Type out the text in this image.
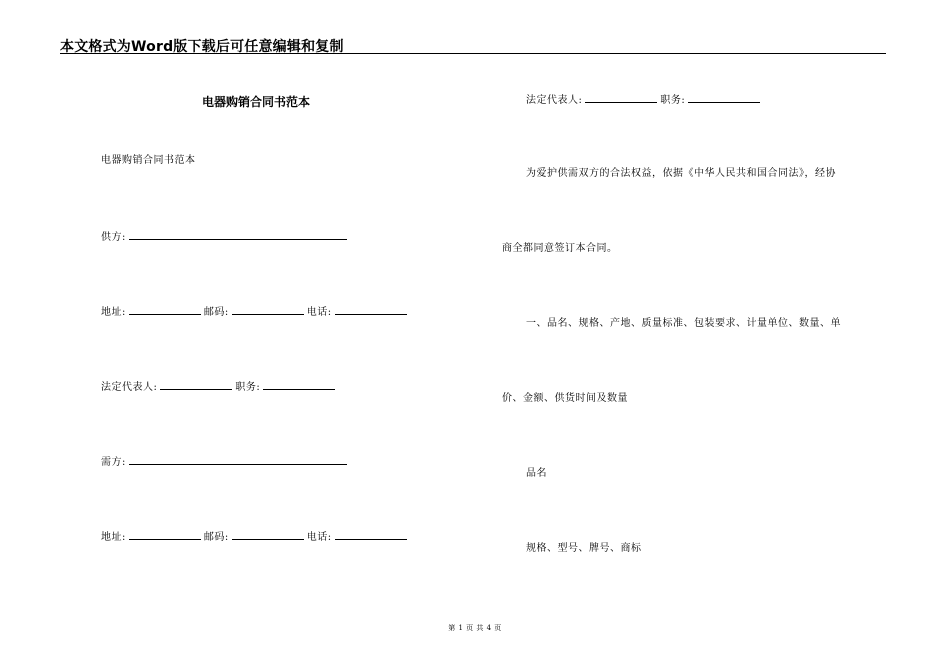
本文格式为Word版下载后可任意编辑和复制
电器购销合同书范本
电器购销合同书范本
供方:
地址:	邮码:	电话:
法定代表人:	职务:
需方:
地址:	邮码:	电话:
法定代表人:	职务:
为爱护供需双方的合法权益，依据《中华人民共和国合同法》，经协
商全都同意签订本合同。
一、品名、规格、产地、质量标准、包装要求、计量单位、数量、单
价、金额、供货时间及数量
品名
规格、型号、牌号、商标
第 1 页 共 4 页
